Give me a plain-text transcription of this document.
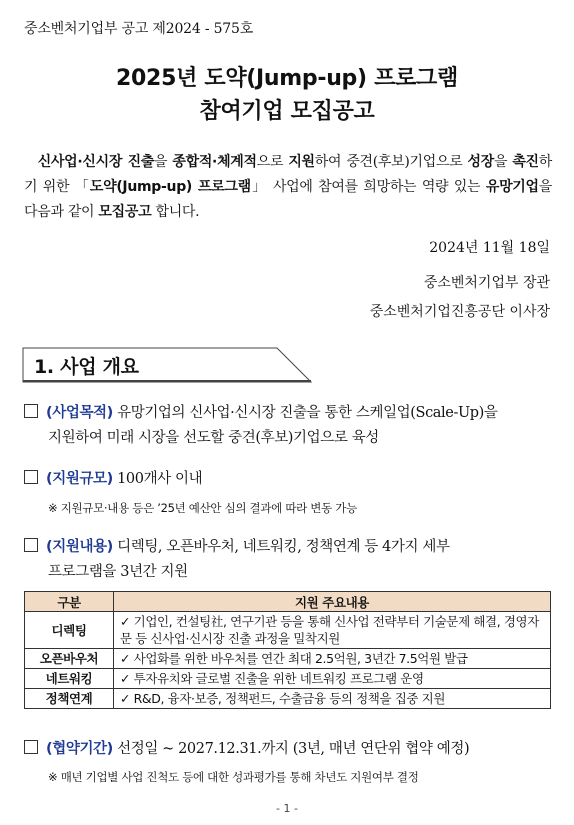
중소벤처기업부 공고 제2024 - 575호
2025년 도약(Jump-up) 프로그램
참여기업 모집공고
 신사업·신시장 진출을 종합적·체계적으로 지원하여 중견(후보)기업으로 성장을 촉진하기 위한 「도약(Jump-up) 프로그램」 사업에 참여를 희망하는 역량 있는 유망기업을 다음과 같이 모집공고 합니다.
2024년 11월 18일
중소벤처기업부 장관
중소벤처기업진흥공단 이사장
1. 사업 개요
(사업목적) 유망기업의 신사업·신시장 진출을 통한 스케일업(Scale-Up)을
지원하여 미래 시장을 선도할 중견(후보)기업으로 육성
(지원규모) 100개사 이내
※ 지원규모·내용 등은 ’25년 예산안 심의 결과에 따라 변동 가능
(지원내용) 디렉팅, 오픈바우처, 네트워킹, 정책연계 등 4가지 세부
프로그램을 3년간 지원
구분	지원 주요내용
디렉팅	✓ 기업인, 컨설팅社, 연구기관 등을 통해 신사업 전략부터 기술문제 해결, 경영자문 등 신사업·신시장 진출 과정을 밀착지원
오픈바우처	✓ 사업화를 위한 바우처를 연간 최대 2.5억원, 3년간 7.5억원 발급
네트워킹	✓ 투자유치와 글로벌 진출을 위한 네트워킹 프로그램 운영
정책연계	✓ R&D, 융자·보증, 정책펀드, 수출금융 등의 정책을 집중 지원
(협약기간) 선정일 ~ 2027.12.31.까지 (3년, 매년 연단위 협약 예정)
※ 매년 기업별 사업 진척도 등에 대한 성과평가를 통해 차년도 지원여부 결정
- 1 -
